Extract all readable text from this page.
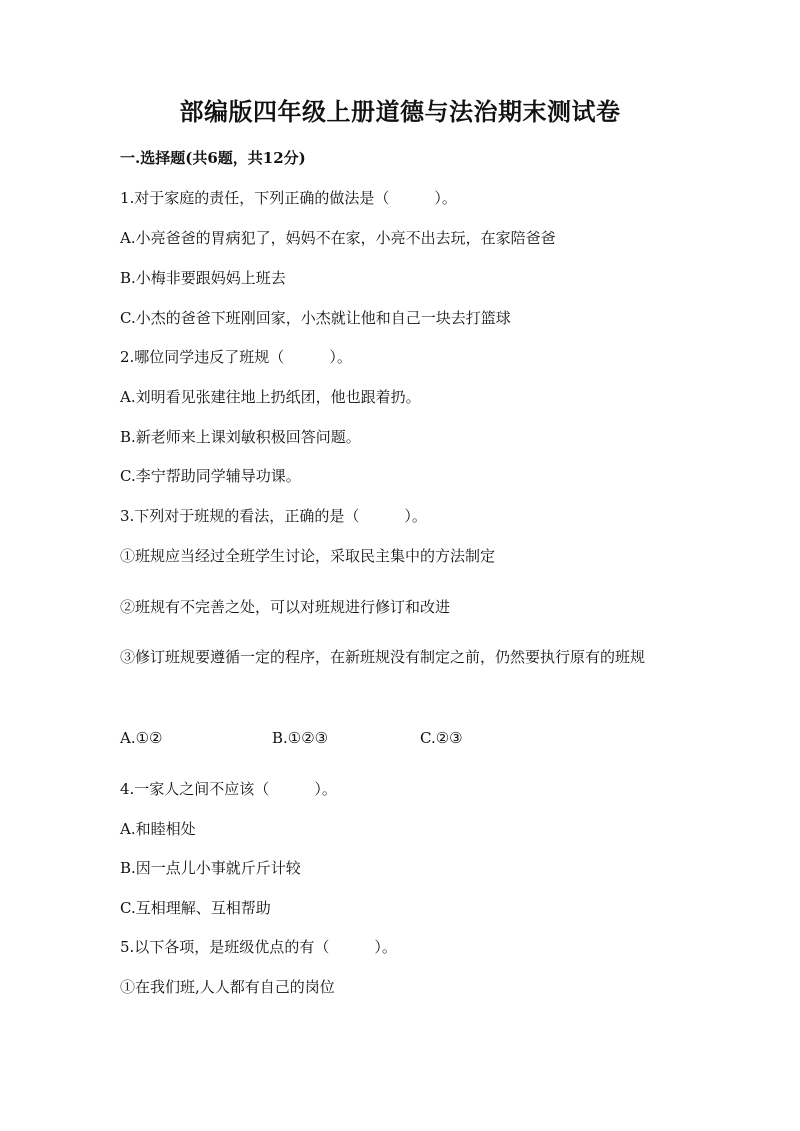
部编版四年级上册道德与法治期末测试卷
一.选择题(共6题，共12分)
1.对于家庭的责任，下列正确的做法是（　　　）。
A.小亮爸爸的胃病犯了，妈妈不在家，小亮不出去玩，在家陪爸爸
B.小梅非要跟妈妈上班去
C.小杰的爸爸下班刚回家，小杰就让他和自己一块去打篮球
2.哪位同学违反了班规（　　　）。
A.刘明看见张建往地上扔纸团，他也跟着扔。
B.新老师来上课刘敏积极回答问题。
C.李宁帮助同学辅导功课。
3.下列对于班规的看法，正确的是（　　　）。
①班规应当经过全班学生讨论，采取民主集中的方法制定
②班规有不完善之处，可以对班规进行修订和改进
③修订班规要遵循一定的程序，在新班规没有制定之前，仍然要执行原有的班规
A.①②	B.①②③	C.②③
4.一家人之间不应该（　　　）。
A.和睦相处
B.因一点儿小事就斤斤计较
C.互相理解、互相帮助
5.以下各项，是班级优点的有（　　　）。
①在我们班,人人都有自己的岗位
